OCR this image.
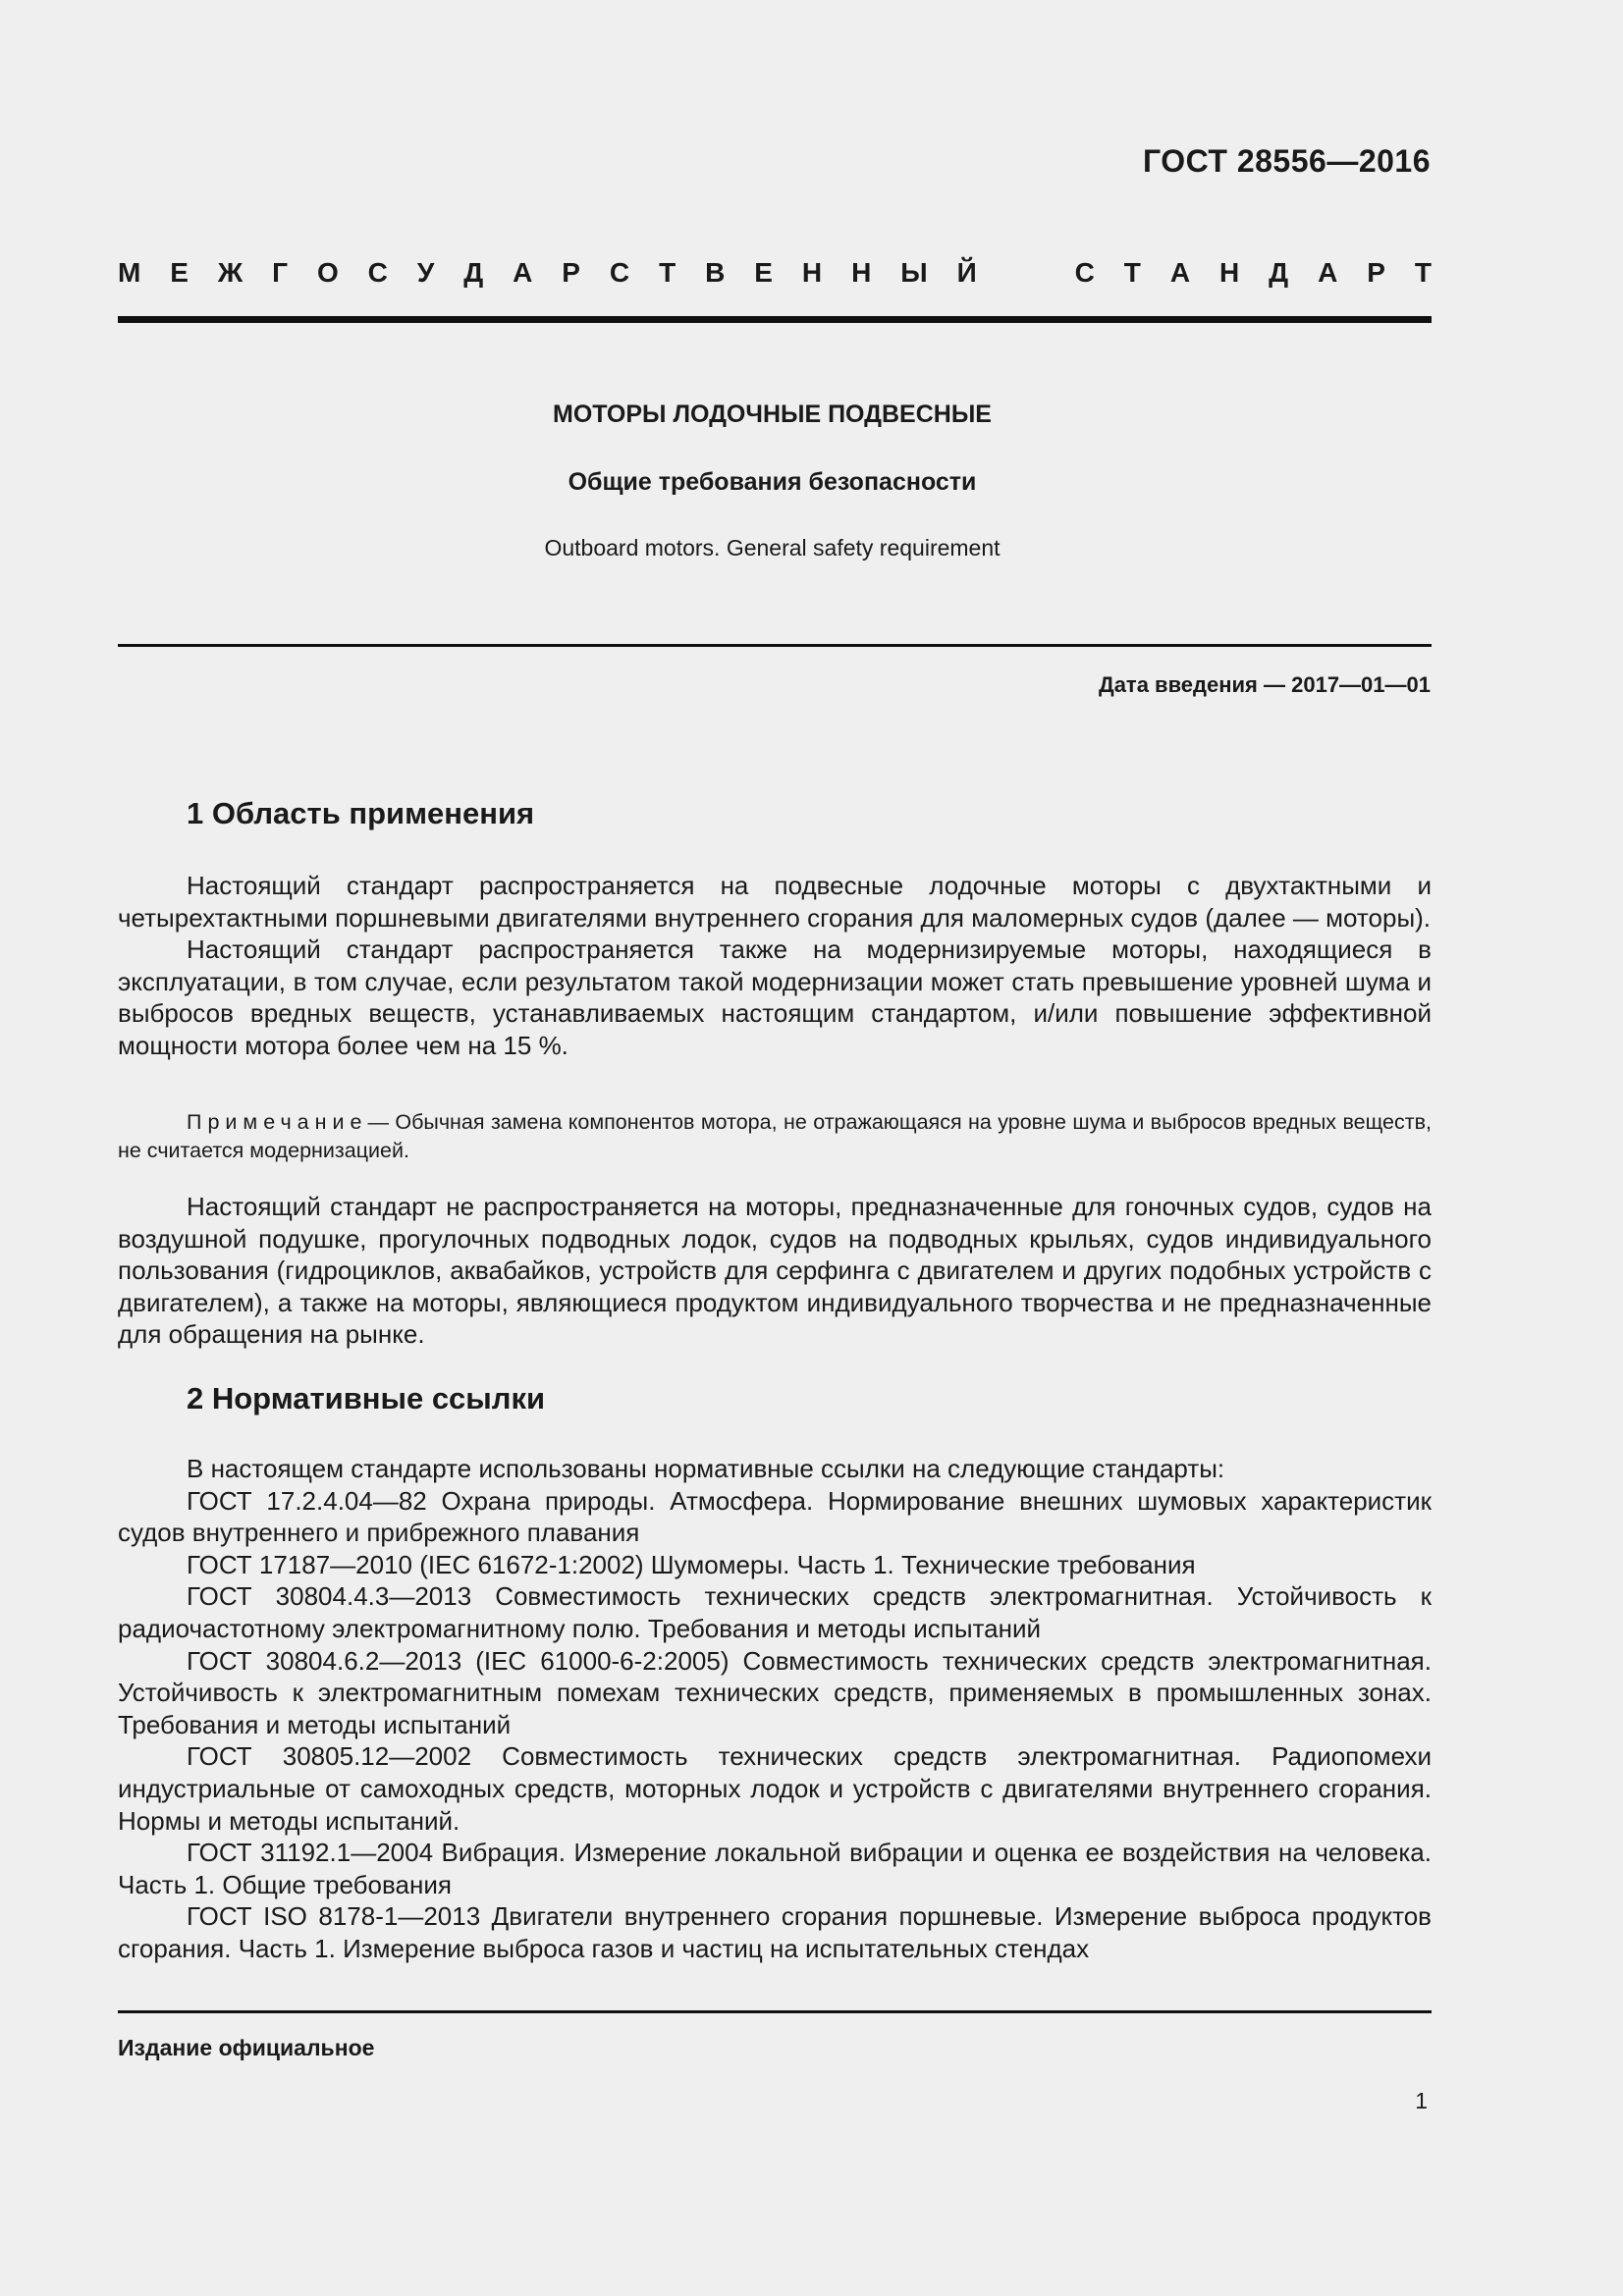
ГОСТ 28556—2016
М Е Ж Г О С У Д А Р С Т В Е Н Н Ы Й	С Т А Н Д А Р Т
МОТОРЫ ЛОДОЧНЫЕ ПОДВЕСНЫЕ
Общие требования безопасности
Outboard motors. General safety requirement
Дата введения — 2017—01—01
1 Область применения

Настоящий стандарт распространяется на подвесные лодочные моторы с двухтактными и четырехтактными поршневыми двигателями внутреннего сгорания для маломерных судов (далее — моторы).

Настоящий стандарт распространяется также на модернизируемые моторы, находящиеся в эксплуатации, в том случае, если результатом такой модернизации может стать превышение уровней шума и выбросов вредных веществ, устанавливаемых настоящим стандартом, и/или повышение эффективной мощности мотора более чем на 15 %.

Примечание— Обычная замена компонентов мотора, не отражающаяся на уровне шума и выбросов вредных веществ, не считается модернизацией.

Настоящий стандарт не распространяется на моторы, предназначенные для гоночных судов, судов на воздушной подушке, прогулочных подводных лодок, судов на подводных крыльях, судов индивидуального пользования (гидроциклов, аквабайков, устройств для серфинга с двигателем и других подобных устройств с двигателем), а также на моторы, являющиеся продуктом индивидуального творчества и не предназначенные для обращения на рынке.

2 Нормативные ссылки

В настоящем стандарте использованы нормативные ссылки на следующие стандарты:

ГОСТ 17.2.4.04—82 Охрана природы. Атмосфера. Нормирование внешних шумовых характеристик судов внутреннего и прибрежного плавания

ГОСТ 17187—2010 (IEC 61672-1:2002) Шумомеры. Часть 1. Технические требования

ГОСТ 30804.4.3—2013 Совместимость технических средств электромагнитная. Устойчивость к радиочастотному электромагнитному полю. Требования и методы испытаний

ГОСТ 30804.6.2—2013 (IEC 61000-6-2:2005) Совместимость технических средств электромагнитная. Устойчивость к электромагнитным помехам технических средств, применяемых в промышленных зонах. Требования и методы испытаний

ГОСТ 30805.12—2002 Совместимость технических средств электромагнитная. Радиопомехи индустриальные от самоходных средств, моторных лодок и устройств с двигателями внутреннего сгорания. Нормы и методы испытаний.

ГОСТ 31192.1—2004 Вибрация. Измерение локальной вибрации и оценка ее воздействия на человека. Часть 1. Общие требования

ГОСТ ISO 8178-1—2013 Двигатели внутреннего сгорания поршневые. Измерение выброса продуктов сгорания. Часть 1. Измерение выброса газов и частиц на испытательных стендах

Издание официальное
1
